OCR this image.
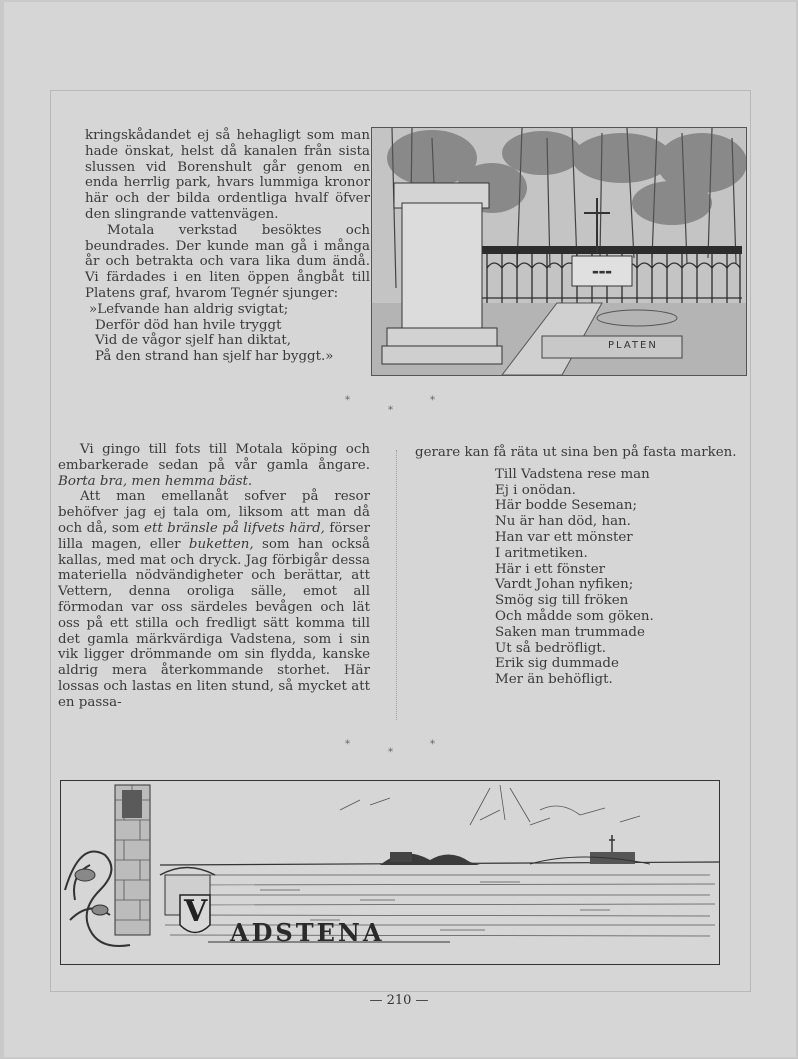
kringskådandet ej så hehagligt som man hade önskat, helst då kanalen från sista slussen vid Borenshult går genom en enda herrlig park, hvars lummiga kronor här och der bilda ordentliga hvalf öfver den slingrande vattenvägen.

Motala verkstad besöktes och beundrades. Der kunde man gå i många år och betrakta och vara lika dum ändå. Vi färdades i en liten öppen ångbåt till Platens graf, hvarom Tegnér sjunger:

»Lefvande han aldrig svigtat;

Derför död han hvile tryggt

Vid de vågor sjelf han diktat,

På den strand han sjelf har byggt.»

▬▬▬
PLATEN
*
*
*

Vi gingo till fots till Motala köping och embarkerade sedan på vår gamla ångare. Borta bra, men hemma bäst.

Att man emellanåt sofver på resor behöfver jag ej tala om, liksom att man då och då, som ett bränsle på lifvets härd, förser lilla magen, eller buketten, som han också kallas, med mat och dryck. Jag förbigår dessa materiella nödvändigheter och berättar, att Vettern, denna oroliga sälle, emot all förmodan var oss särdeles bevågen och lät oss på ett stilla och fredligt sätt komma till det gamla märkvärdiga Vadstena, som i sin vik ligger drömmande om sin flydda, kanske aldrig mera återkommande storhet. Här lossas och lastas en liten stund, så mycket att en passa-

gerare kan få räta ut sina ben på fasta marken.

Till Vadstena rese man
Ej i onödan.
Här bodde Seseman;
Nu är han död, han.
Han var ett mönster
I aritmetiken.
Här i ett fönster
Vardt Johan nyfiken;
Smög sig till fröken
Och mådde som göken.
Saken man trummade
Ut så bedröfligt.
Erik sig dummade
Mer än behöfligt.
*
*
*
V
ADSTENA
— 210 —
